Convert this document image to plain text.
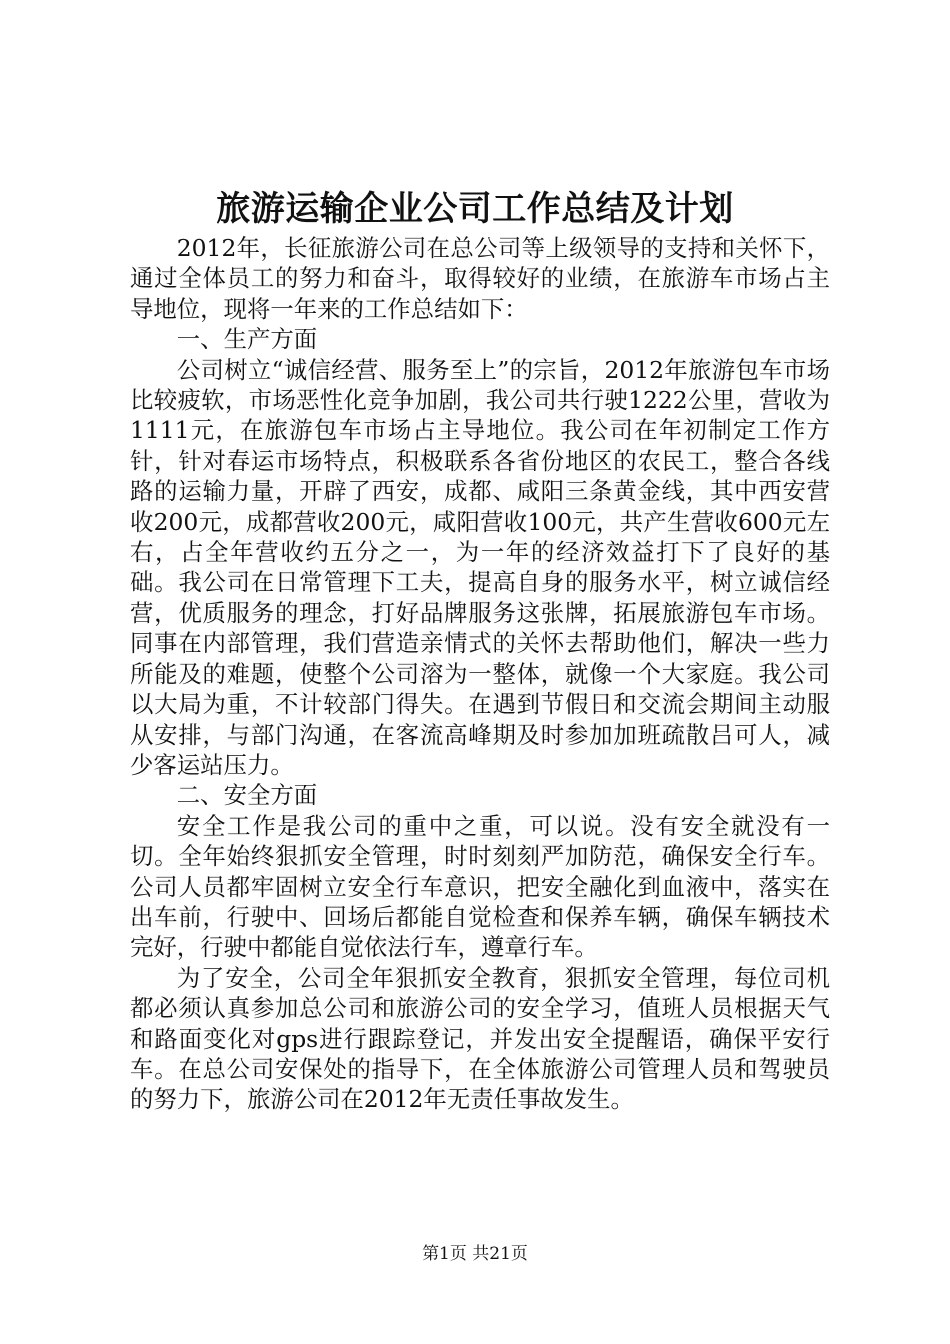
旅游运输企业公司工作总结及计划

2012年，长征旅游公司在总公司等上级领导的支持和关怀下，通过全体员工的努力和奋斗，取得较好的业绩，在旅游车市场占主导地位，现将一年来的工作总结如下：

一、生产方面

公司树立“诚信经营、服务至上”的宗旨，2012年旅游包车市场比较疲软，市场恶性化竞争加剧，我公司共行驶1222公里，营收为1111元，在旅游包车市场占主导地位。我公司在年初制定工作方针，针对春运市场特点，积极联系各省份地区的农民工，整合各线路的运输力量，开辟了西安，成都、咸阳三条黄金线，其中西安营收200元，成都营收200元，咸阳营收100元，共产生营收600元左右，占全年营收约五分之一，为一年的经济效益打下了良好的基础。我公司在日常管理下工夫，提高自身的服务水平，树立诚信经营，优质服务的理念，打好品牌服务这张牌，拓展旅游包车市场。同事在内部管理，我们营造亲情式的关怀去帮助他们，解决一些力所能及的难题，使整个公司溶为一整体，就像一个大家庭。我公司以大局为重，不计较部门得失。在遇到节假日和交流会期间主动服从安排，与部门沟通，在客流高峰期及时参加加班疏散吕可人，减少客运站压力。

二、安全方面

安全工作是我公司的重中之重，可以说。没有安全就没有一切。全年始终狠抓安全管理，时时刻刻严加防范，确保安全行车。公司人员都牢固树立安全行车意识，把安全融化到血液中，落实在出车前，行驶中、回场后都能自觉检查和保养车辆，确保车辆技术完好，行驶中都能自觉依法行车，遵章行车。

为了安全，公司全年狠抓安全教育，狠抓安全管理，每位司机都必须认真参加总公司和旅游公司的安全学习，值班人员根据天气和路面变化对gps进行跟踪登记，并发出安全提醒语，确保平安行车。在总公司安保处的指导下，在全体旅游公司管理人员和驾驶员的努力下，旅游公司在2012年无责任事故发生。

第1页 共21页
